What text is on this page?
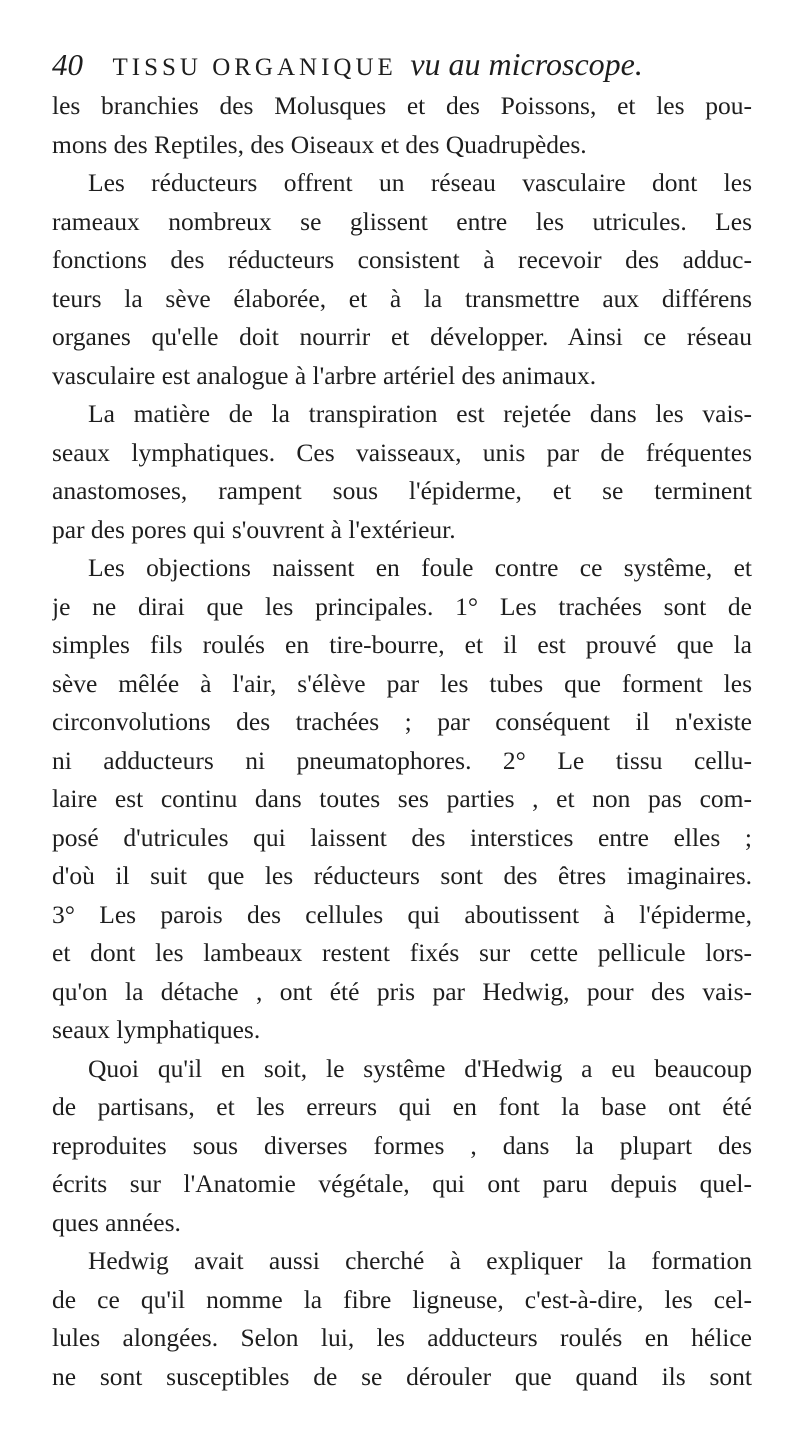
40 TISSU ORGANIQUE vu au microscope.
les branchies des Molusques et des Poissons, et les pou-
mons des Reptiles, des Oiseaux et des Quadrupèdes.
Les réducteurs offrent un réseau vasculaire dont les
rameaux nombreux se glissent entre les utricules. Les
fonctions des réducteurs consistent à recevoir des adduc-
teurs la sève élaborée, et à la transmettre aux différens
organes qu'elle doit nourrir et développer. Ainsi ce réseau
vasculaire est analogue à l'arbre artériel des animaux.
La matière de la transpiration est rejetée dans les vais-
seaux lymphatiques. Ces vaisseaux, unis par de fréquentes
anastomoses, rampent sous l'épiderme, et se terminent
par des pores qui s'ouvrent à l'extérieur.
Les objections naissent en foule contre ce systême, et
je ne dirai que les principales. 1° Les trachées sont de
simples fils roulés en tire-bourre, et il est prouvé que la
sève mêlée à l'air, s'élève par les tubes que forment les
circonvolutions des trachées ; par conséquent il n'existe
ni adducteurs ni pneumatophores. 2° Le tissu cellu-
laire est continu dans toutes ses parties , et non pas com-
posé d'utricules qui laissent des interstices entre elles ;
d'où il suit que les réducteurs sont des êtres imaginaires.
3° Les parois des cellules qui aboutissent à l'épiderme,
et dont les lambeaux restent fixés sur cette pellicule lors-
qu'on la détache , ont été pris par Hedwig, pour des vais-
seaux lymphatiques.
Quoi qu'il en soit, le systême d'Hedwig a eu beaucoup
de partisans, et les erreurs qui en font la base ont été
reproduites sous diverses formes , dans la plupart des
écrits sur l'Anatomie végétale, qui ont paru depuis quel-
ques années.
Hedwig avait aussi cherché à expliquer la formation
de ce qu'il nomme la fibre ligneuse, c'est-à-dire, les cel-
lules alongées. Selon lui, les adducteurs roulés en hélice
ne sont susceptibles de se dérouler que quand ils sont
